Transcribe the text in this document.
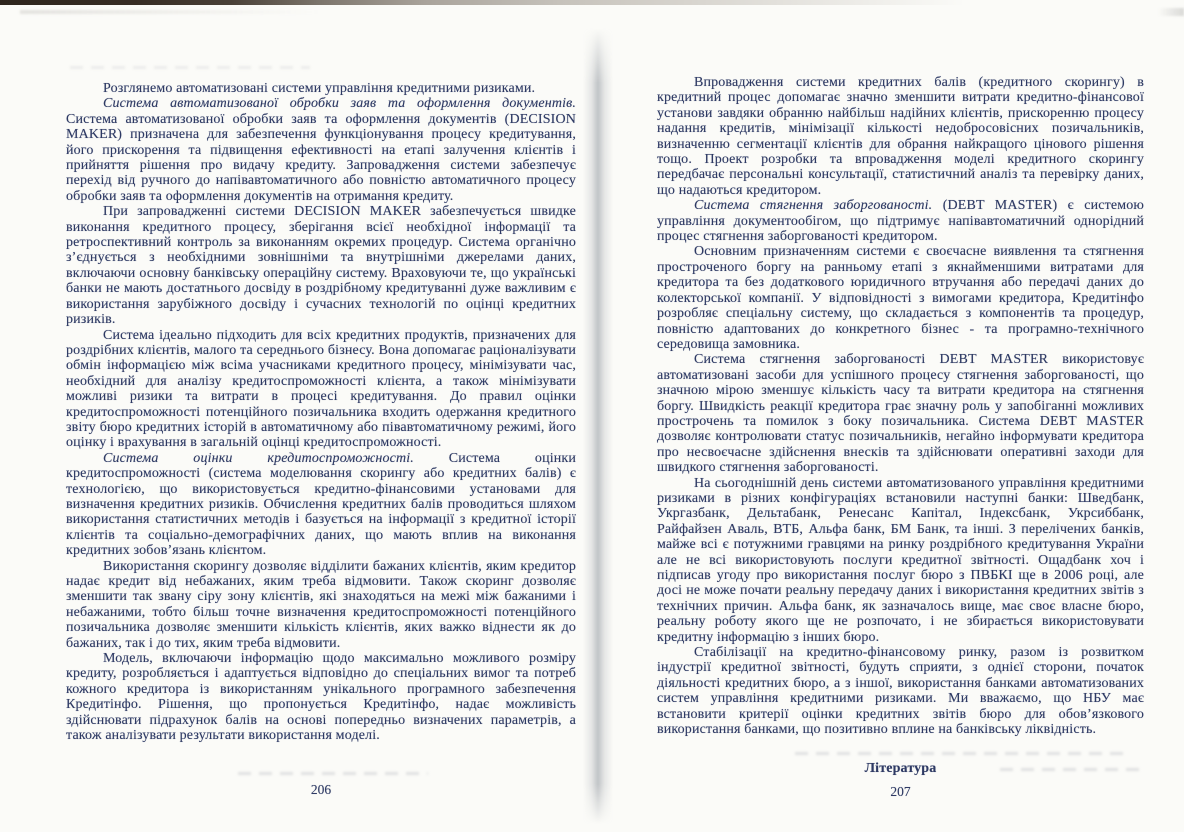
Розглянемо автоматизовані системи управління кредитними ризиками.

Система автоматизованої обробки заяв та оформлення документів. Система автоматизованої обробки заяв та оформлення документів (DECISION MAKER) призначена для забезпечення функціонування процесу кредитування, його прискорення та підвищення ефективності на етапі залучення клієнтів і прийняття рішення про видачу кредиту. Запровадження системи забезпечує перехід від ручного до напівавтоматичного або повністю автоматичного процесу обробки заяв та оформлення документів на отримання кредиту.

При запровадженні системи DECISION MAKER забезпечується швидке виконання кредитного процесу, зберігання всієї необхідної інформації та ретроспективний контроль за виконанням окремих процедур. Система органічно з’єднується з необхідними зовнішніми та внутрішніми джерелами даних, включаючи основну банківську операційну систему. Враховуючи те, що українські банки не мають достатнього досвіду в роздрібному кредитуванні дуже важливим є використання зарубіжного досвіду і сучасних технологій по оцінці кредитних ризиків.

Система ідеально підходить для всіх кредитних продуктів, призначених для роздрібних клієнтів, малого та середнього бізнесу. Вона допомагає раціоналізувати обмін інформацією між всіма учасниками кредитного процесу, мінімізувати час, необхідний для аналізу кредитоспроможності клієнта, а також мінімізувати можливі ризики та витрати в процесі кредитування. До правил оцінки кредитоспроможності потенційного позичальника входить одержання кредитного звіту бюро кредитних історій в автоматичному або півавтоматичному режимі, його оцінку і врахування в загальній оцінці кредитоспроможності.

Система оцінки кредитоспроможності. Система оцінки кредитоспроможності (система моделювання скорингу або кредитних балів) є технологією, що використовується кредитно-фінансовими установами для визначення кредитних ризиків. Обчислення кредитних балів проводиться шляхом використання статистичних методів і базується на інформації з кредитної історії клієнтів та соціально-демографічних даних, що мають вплив на виконання кредитних зобов’язань клієнтом.

Використання скорингу дозволяє відділити бажаних клієнтів, яким кредитор надає кредит від небажаних, яким треба відмовити. Також скоринг дозволяє зменшити так звану сіру зону клієнтів, які знаходяться на межі між бажаними і небажаними, тобто більш точне визначення кредитоспроможності потенційного позичальника дозволяє зменшити кількість клієнтів, яких важко віднести як до бажаних, так і до тих, яким треба відмовити.

Модель, включаючи інформацію щодо максимально можливого розміру кредиту, розробляється і адаптується відповідно до спеціальних вимог та потреб кожного кредитора із використанням унікального програмного забезпечення Кредитінфо. Рішення, що пропонується Кредитінфо, надає можливість здійснювати підрахунок балів на основі попередньо визначених параметрів, а також аналізувати результати використання моделі.

Впровадження системи кредитних балів (кредитного скорингу) в кредитний процес допомагає значно зменшити витрати кредитно-фінансової установи завдяки обранню найбільш надійних клієнтів, прискоренню процесу надання кредитів, мінімізації кількості недобросовісних позичальників, визначенню сегментації клієнтів для обрання найкращого цінового рішення тощо. Проект розробки та впровадження моделі кредитного скорингу передбачає персональні консультації, статистичний аналіз та перевірку даних, що надаються кредитором.

Система стягнення заборгованості. (DEBT MASTER) є системою управління документообігом, що підтримує напівавтоматичний однорідний процес стягнення заборгованості кредитором.

Основним призначенням системи є своєчасне виявлення та стягнення простроченого боргу на ранньому етапі з якнайменшими витратами для кредитора та без додаткового юридичного втручання або передачі даних до колекторської компанії. У відповідності з вимогами кредитора, Кредитінфо розробляє спеціальну систему, що складається з компонентів та процедур, повністю адаптованих до конкретного бізнес - та програмно-технічного середовища замовника.

Система стягнення заборгованості DEBT MASTER використовує автоматизовані засоби для успішного процесу стягнення заборгованості, що значною мірою зменшує кількість часу та витрати кредитора на стягнення боргу. Швидкість реакції кредитора грає значну роль у запобіганні можливих прострочень та помилок з боку позичальника. Система DEBT MASTER дозволяє контролювати статус позичальників, негайно інформувати кредитора про несвоєчасне здійснення внесків та здійснювати оперативні заходи для швидкого стягнення заборгованості.

На сьогоднішній день системи автоматизованого управління кредитними ризиками в різних конфігураціях встановили наступні банки: Шведбанк, Укргазбанк, Дельтабанк, Ренесанс Капітал, Індексбанк, Укрсиббанк, Райфайзен Аваль, ВТБ, Альфа банк, БМ Банк, та інші. З перелічених банків, майже всі є потужними гравцями на ринку роздрібного кредитування України але не всі використовують послуги кредитної звітності. Ощадбанк хоч і підписав угоду про використання послуг бюро з ПВБКІ ще в 2006 році, але досі не може почати реальну передачу даних і використання кредитних звітів з технічних причин. Альфа банк, як зазначалось вище, має своє власне бюро, реальну роботу якого ще не розпочато, і не збирається використовувати кредитну інформацію з інших бюро.

Стабілізації на кредитно-фінансовому ринку, разом із розвитком індустрії кредитної звітності, будуть сприяти, з однієї сторони, початок діяльності кредитних бюро, а з іншої, використання банками автоматизованих систем управління кредитними ризиками. Ми вважаємо, що НБУ має встановити критерії оцінки кредитних звітів бюро для обов’язкового використання банками, що позитивно вплине на банківську ліквідність.

Література

206	207
